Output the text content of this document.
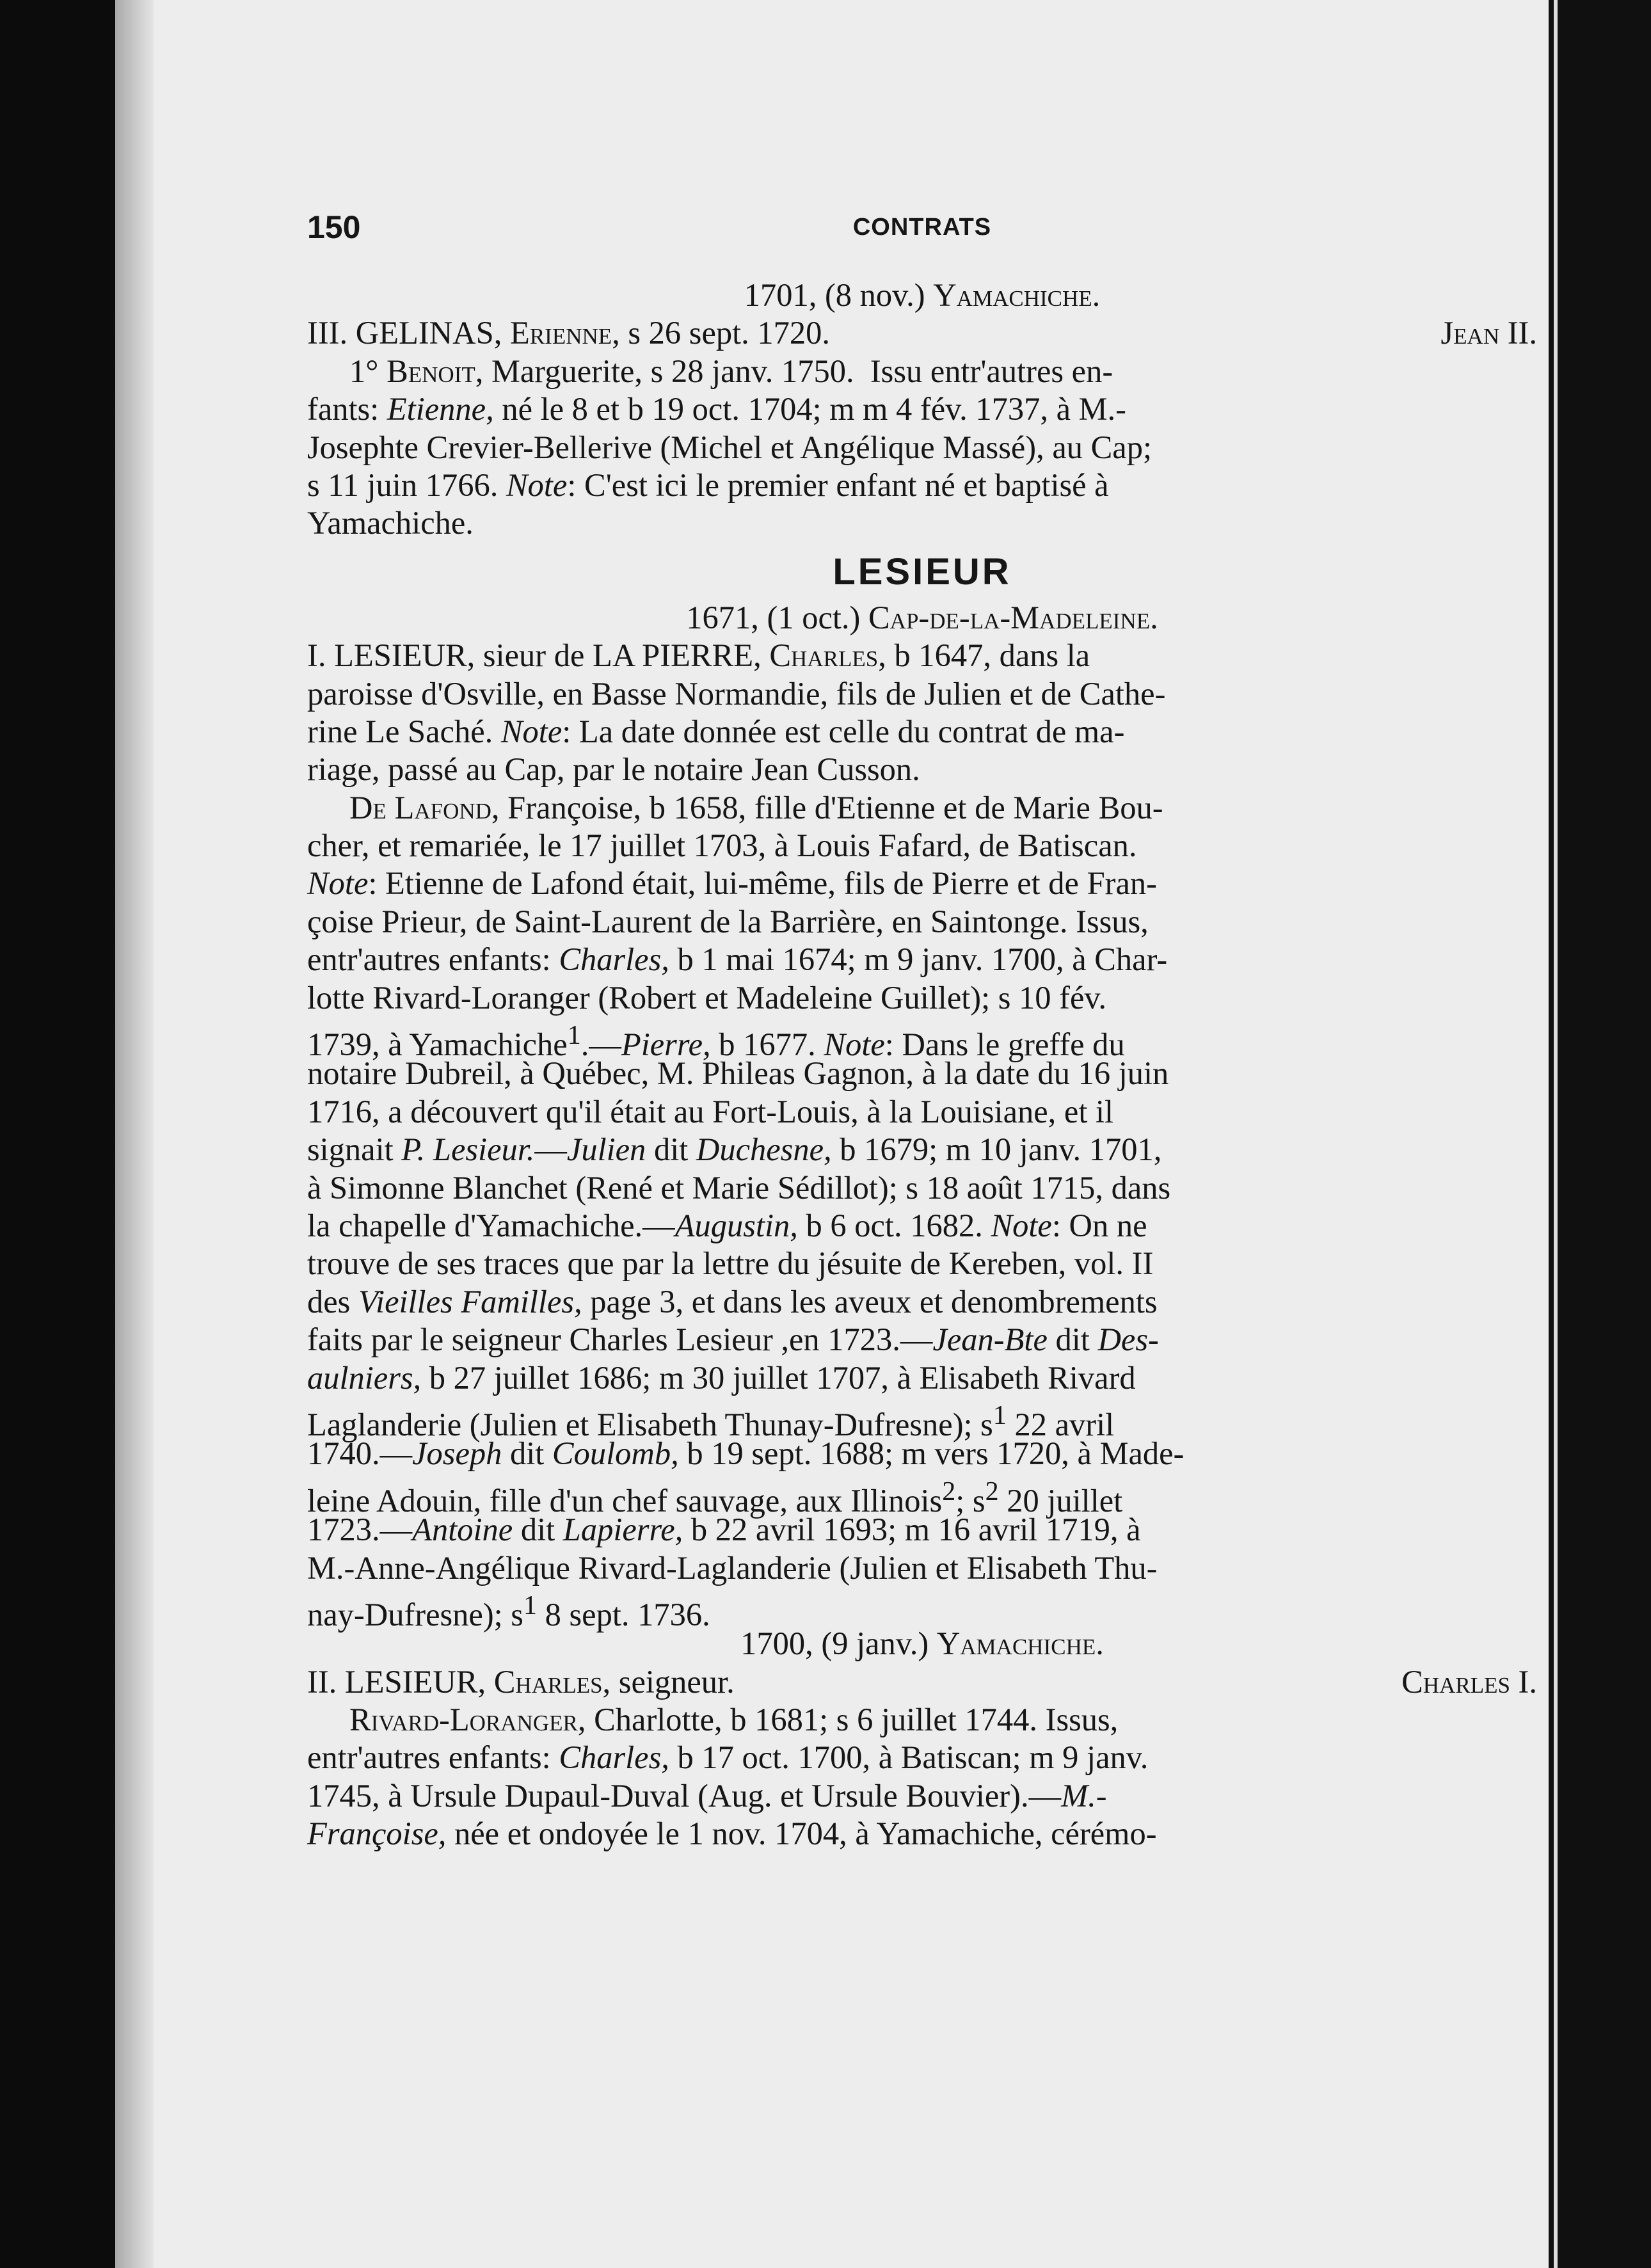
150	CONTRATS
1701, (8 nov.) Yamachiche.
III. GELINAS, Erienne, s 26 sept. 1720.	Jean II.
1° Benoit, Marguerite, s 28 janv. 1750.  Issu entr'autres en-
fants: Etienne, né le 8 et b 19 oct. 1704; m m 4 fév. 1737, à M.-
Josephte Crevier-Bellerive (Michel et Angélique Massé), au Cap;
s 11 juin 1766. Note: C'est ici le premier enfant né et baptisé à
Yamachiche.
LESIEUR
1671, (1 oct.) Cap-de-la-Madeleine.
I. LESIEUR, sieur de LA PIERRE, Charles, b 1647, dans la
paroisse d'Osville, en Basse Normandie, fils de Julien et de Cathe-
rine Le Saché. Note: La date donnée est celle du contrat de ma-
riage, passé au Cap, par le notaire Jean Cusson.
De Lafond, Françoise, b 1658, fille d'Etienne et de Marie Bou-
cher, et remariée, le 17 juillet 1703, à Louis Fafard, de Batiscan.
Note: Etienne de Lafond était, lui-même, fils de Pierre et de Fran-
çoise Prieur, de Saint-Laurent de la Barrière, en Saintonge. Issus,
entr'autres enfants: Charles, b 1 mai 1674; m 9 janv. 1700, à Char-
lotte Rivard-Loranger (Robert et Madeleine Guillet); s 10 fév.
1739, à Yamachiche$^1$.—Pierre, b 1677. Note: Dans le greffe du
notaire Dubreil, à Québec, M. Phileas Gagnon, à la date du 16 juin
1716, a découvert qu'il était au Fort-Louis, à la Louisiane, et il
signait P. Lesieur.—Julien dit Duchesne, b 1679; m 10 janv. 1701,
à Simonne Blanchet (René et Marie Sédillot); s 18 août 1715, dans
la chapelle d'Yamachiche.—Augustin, b 6 oct. 1682. Note: On ne
trouve de ses traces que par la lettre du jésuite de Kereben, vol. II
des Vieilles Familles, page 3, et dans les aveux et denombrements
faits par le seigneur Charles Lesieur ,en 1723.—Jean-Bte dit Des-
aulniers, b 27 juillet 1686; m 30 juillet 1707, à Elisabeth Rivard
Laglanderie (Julien et Elisabeth Thunay-Dufresne); $s^1$ 22 avril
1740.—Joseph dit Coulomb, b 19 sept. 1688; m vers 1720, à Made-
leine Adouin, fille d'un chef sauvage, aux Illinois$^2$; $s^2$ 20 juillet
1723.—Antoine dit Lapierre, b 22 avril 1693; m 16 avril 1719, à
M.-Anne-Angélique Rivard-Laglanderie (Julien et Elisabeth Thu-
nay-Dufresne); $s^1$ 8 sept. 1736.
1700, (9 janv.) Yamachiche.
II. LESIEUR, Charles, seigneur.	Charles I.
Rivard-Loranger, Charlotte, b 1681; s 6 juillet 1744. Issus,
entr'autres enfants: Charles, b 17 oct. 1700, à Batiscan; m 9 janv.
1745, à Ursule Dupaul-Duval (Aug. et Ursule Bouvier).—M.-
Françoise, née et ondoyée le 1 nov. 1704, à Yamachiche, cérémo-
